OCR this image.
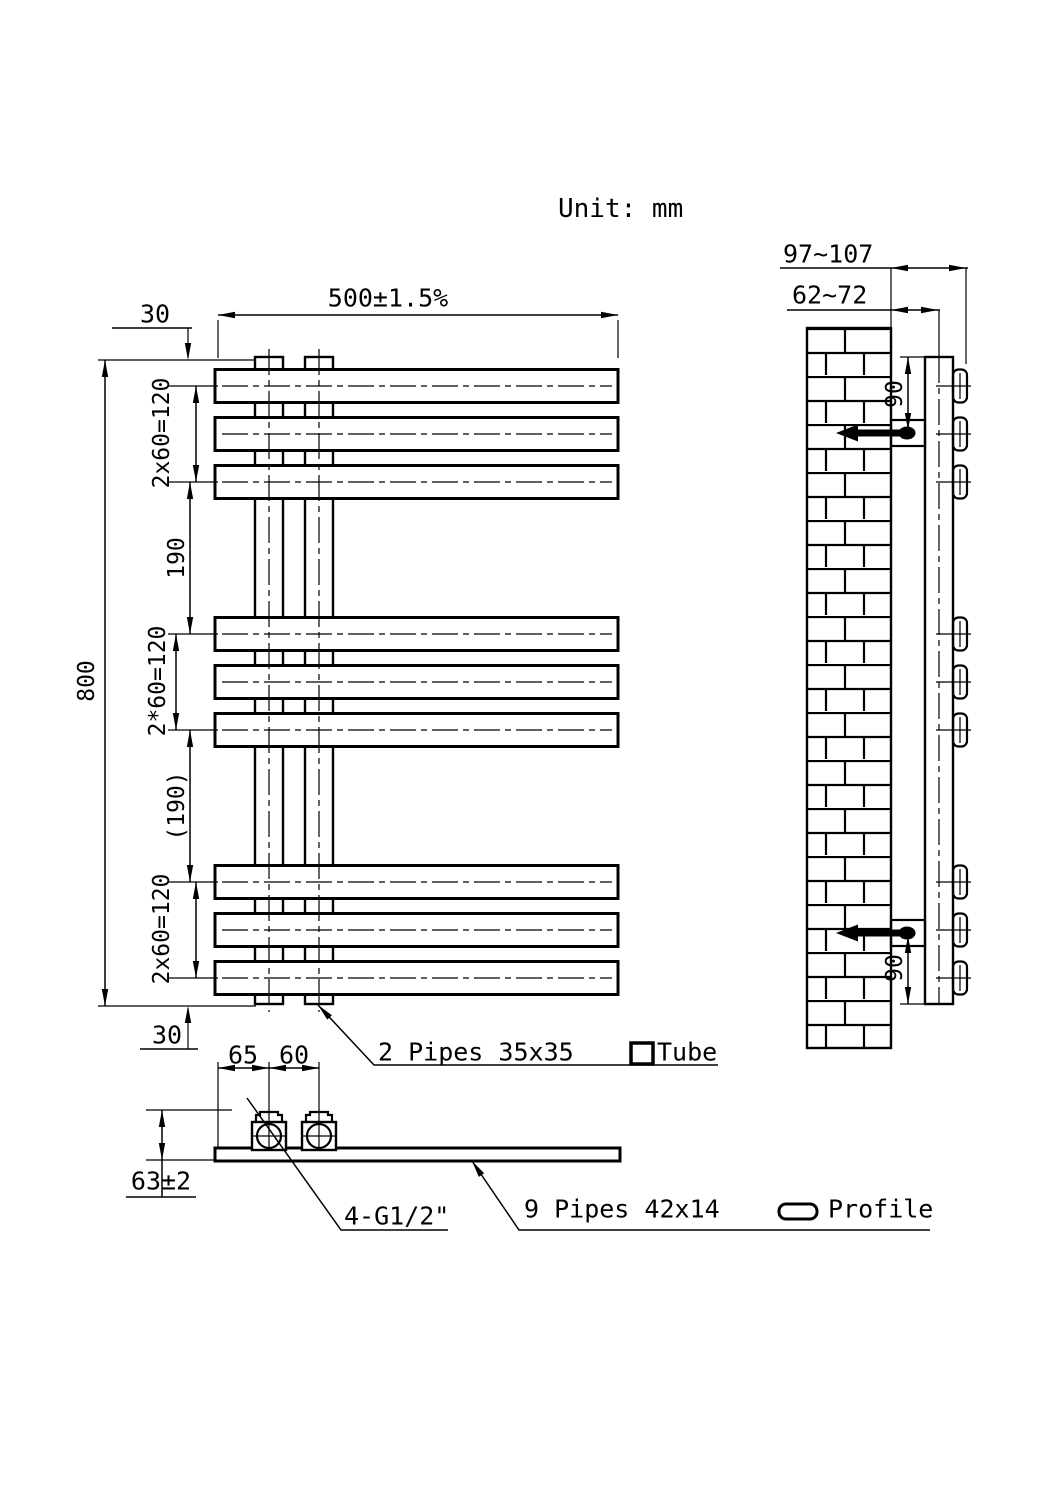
Unit: mm
500±1.5%
800
30
30
2x60=120
190
2*60=120
(190)
2x60=120
2 Pipes 35x35	Tube
65 60
63±2
4-G1/2"	9 Pipes 42x14	Profile
97~107
62~72
90
90
